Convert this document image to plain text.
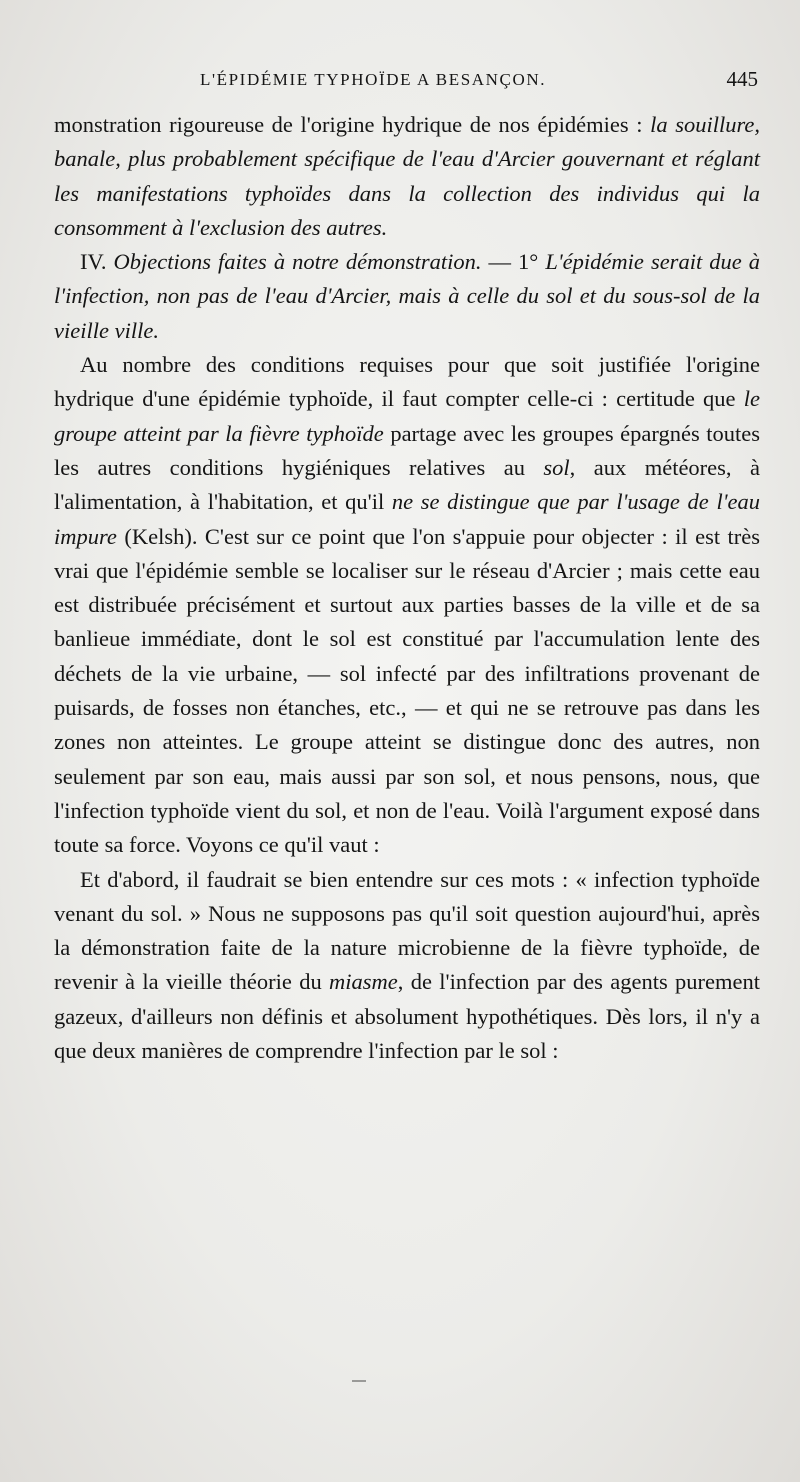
L'ÉPIDÉMIE TYPHOÏDE A BESANÇON.	445

monstration rigoureuse de l'origine hydrique de nos épidémies : la souillure, banale, plus probablement spécifique de l'eau d'Arcier gouvernant et réglant les manifestations typhoïdes dans la collection des individus qui la consomment à l'exclusion des autres.

IV. Objections faites à notre démonstration. — 1° L'épidémie serait due à l'infection, non pas de l'eau d'Arcier, mais à celle du sol et du sous-sol de la vieille ville.

Au nombre des conditions requises pour que soit justifiée l'origine hydrique d'une épidémie typhoïde, il faut compter celle-ci : certitude que le groupe atteint par la fièvre typhoïde partage avec les groupes épargnés toutes les autres conditions hygiéniques relatives au sol, aux météores, à l'alimentation, à l'habitation, et qu'il ne se distingue que par l'usage de l'eau impure (Kelsh). C'est sur ce point que l'on s'appuie pour objecter : il est très vrai que l'épidémie semble se localiser sur le réseau d'Arcier ; mais cette eau est distribuée précisément et surtout aux parties basses de la ville et de sa banlieue immédiate, dont le sol est constitué par l'accumulation lente des déchets de la vie urbaine, — sol infecté par des infiltrations provenant de puisards, de fosses non étanches, etc., — et qui ne se retrouve pas dans les zones non atteintes. Le groupe atteint se distingue donc des autres, non seulement par son eau, mais aussi par son sol, et nous pensons, nous, que l'infection typhoïde vient du sol, et non de l'eau. Voilà l'argument exposé dans toute sa force. Voyons ce qu'il vaut :

Et d'abord, il faudrait se bien entendre sur ces mots : « infection typhoïde venant du sol. » Nous ne supposons pas qu'il soit question aujourd'hui, après la démonstration faite de la nature microbienne de la fièvre typhoïde, de revenir à la vieille théorie du miasme, de l'infection par des agents purement gazeux, d'ailleurs non définis et absolument hypothétiques. Dès lors, il n'y a que deux manières de comprendre l'infection par le sol :
